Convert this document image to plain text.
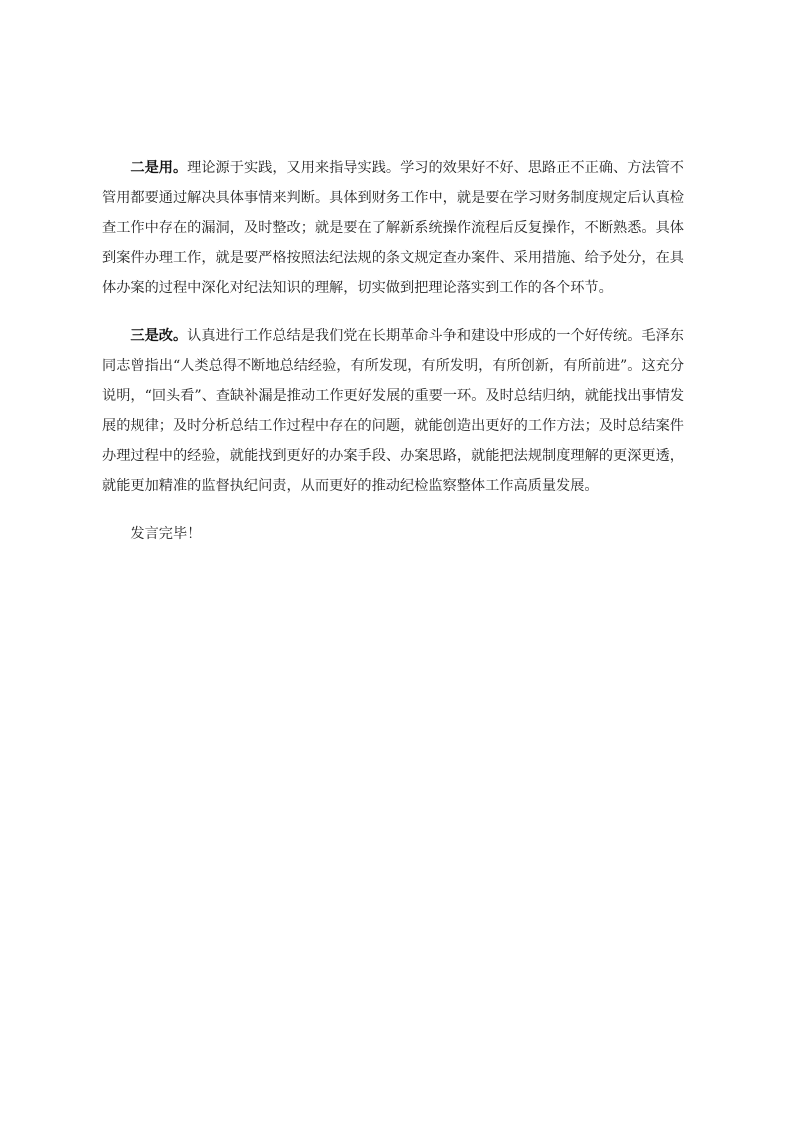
二是用。理论源于实践，又用来指导实践。学习的效果好不好、思路正不正确、方法管不管用都要通过解决具体事情来判断。具体到财务工作中，就是要在学习财务制度规定后认真检查工作中存在的漏洞，及时整改；就是要在了解新系统操作流程后反复操作，不断熟悉。具体到案件办理工作，就是要严格按照法纪法规的条文规定查办案件、采用措施、给予处分，在具体办案的过程中深化对纪法知识的理解，切实做到把理论落实到工作的各个环节。

三是改。认真进行工作总结是我们党在长期革命斗争和建设中形成的一个好传统。毛泽东同志曾指出“人类总得不断地总结经验，有所发现，有所发明，有所创新，有所前进”。这充分说明，“回头看”、查缺补漏是推动工作更好发展的重要一环。及时总结归纳，就能找出事情发展的规律；及时分析总结工作过程中存在的问题，就能创造出更好的工作方法；及时总结案件办理过程中的经验，就能找到更好的办案手段、办案思路，就能把法规制度理解的更深更透，就能更加精准的监督执纪问责，从而更好的推动纪检监察整体工作高质量发展。

发言完毕！
